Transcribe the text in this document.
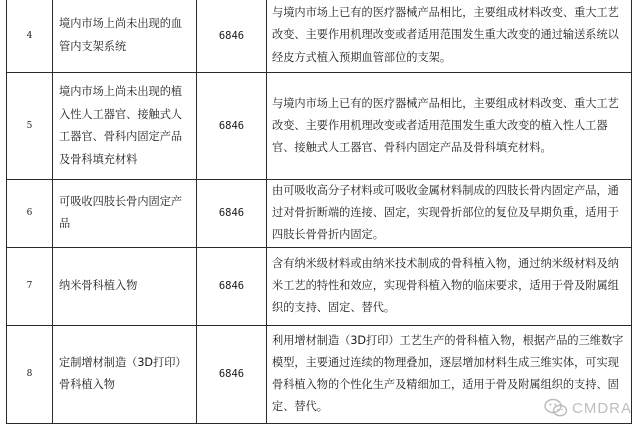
4	境内市场上尚未出现的血管内支架系统	6846	与境内市场上已有的医疗器械产品相比，主要组成材料改变、重大工艺改变、主要作用机理改变或者适用范围发生重大改变的通过输送系统以经皮方式植入预期血管部位的支架。
5	境内市场上尚未出现的植入性人工器官、接触式人工器官、骨科内固定产品及骨科填充材料	6846	与境内市场上已有的医疗器械产品相比，主要组成材料改变、重大工艺改变、主要作用机理改变或者适用范围发生重大改变的植入性人工器官、接触式人工器官、骨科内固定产品及骨科填充材料。
6	可吸收四肢长骨内固定产品	6846	由可吸收高分子材料或可吸收金属材料制成的四肢长骨内固定产品，通过对骨折断端的连接、固定，实现骨折部位的复位及早期负重，适用于四肢长骨骨折内固定。
7	纳米骨科植入物	6846	含有纳米级材料或由纳米技术制成的骨科植入物，通过纳米级材料及纳米工艺的特性和效应，实现骨科植入物的临床要求，适用于骨及附属组织的支持、固定、替代。
8	定制增材制造（3D打印）骨科植入物	6846	利用增材制造（3D打印）工艺生产的骨科植入物，根据产品的三维数字模型，主要通过连续的物理叠加，逐层增加材料生成三维实体，可实现骨科植入物的个性化生产及精细加工，适用于骨及附属组织的支持、固定、替代。	CMDRA
